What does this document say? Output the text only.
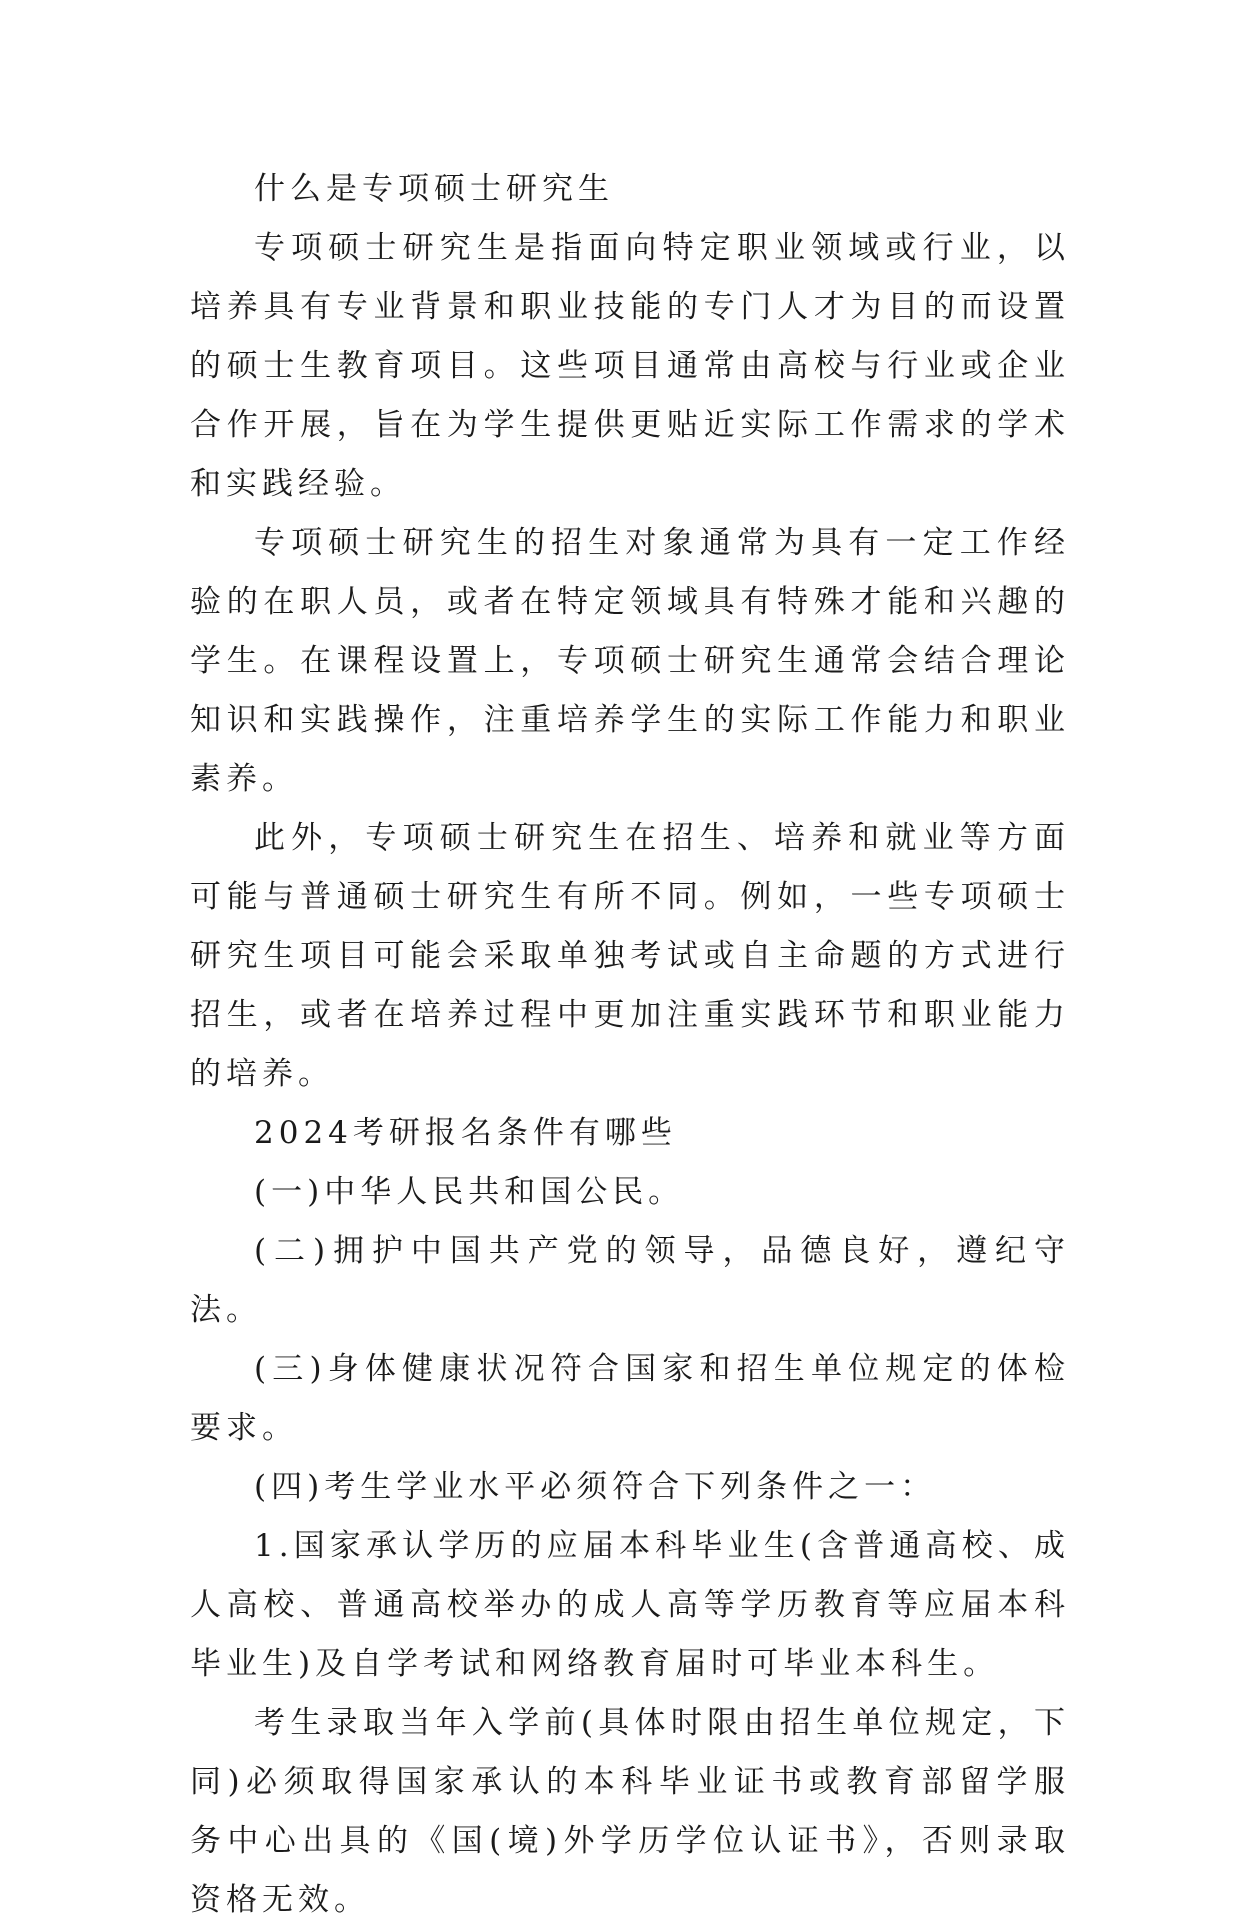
什么是专项硕士研究生

专项硕士研究生是指面向特定职业领域或行业，以培养具有专业背景和职业技能的专门人才为目的而设置的硕士生教育项目。这些项目通常由高校与行业或企业合作开展，旨在为学生提供更贴近实际工作需求的学术和实践经验。

专项硕士研究生的招生对象通常为具有一定工作经验的在职人员，或者在特定领域具有特殊才能和兴趣的学生。在课程设置上，专项硕士研究生通常会结合理论知识和实践操作，注重培养学生的实际工作能力和职业素养。

此外，专项硕士研究生在招生、培养和就业等方面可能与普通硕士研究生有所不同。例如，一些专项硕士研究生项目可能会采取单独考试或自主命题的方式进行招生，或者在培养过程中更加注重实践环节和职业能力的培养。

2024考研报名条件有哪些

(一)中华人民共和国公民。

(二)拥护中国共产党的领导，品德良好，遵纪守法。

(三)身体健康状况符合国家和招生单位规定的体检要求。

(四)考生学业水平必须符合下列条件之一：

1.国家承认学历的应届本科毕业生(含普通高校、成人高校、普通高校举办的成人高等学历教育等应届本科毕业生)及自学考试和网络教育届时可毕业本科生。

考生录取当年入学前(具体时限由招生单位规定，下同)必须取得国家承认的本科毕业证书或教育部留学服务中心出具的《国(境)外学历学位认证书》，否则录取资格无效。
